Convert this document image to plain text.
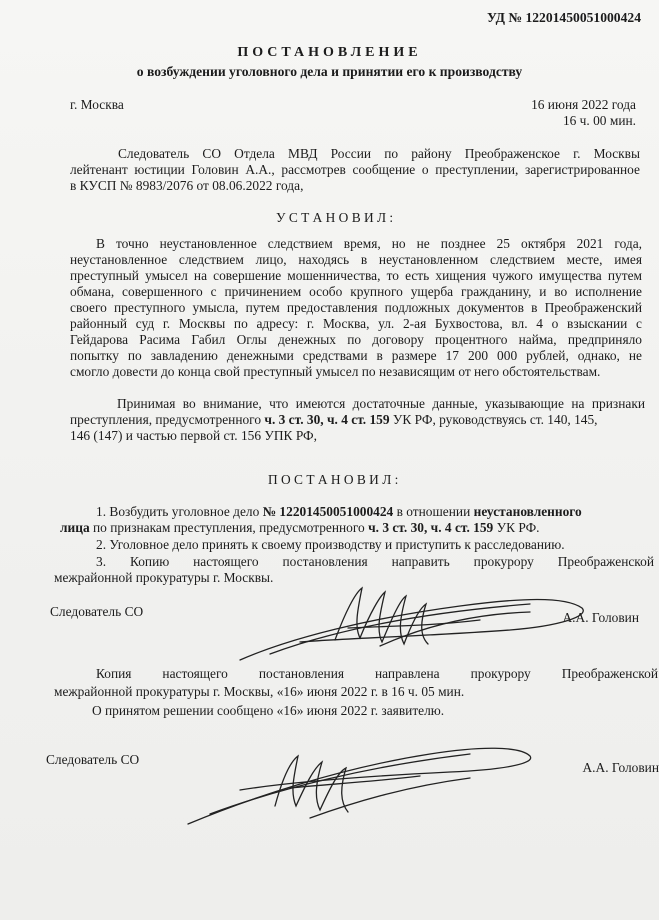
УД № 12201450051000424
ПОСТАНОВЛЕНИЕ
о возбуждении уголовного дела и принятии его к производству
г. Москва	16 июня 2022 года
16 ч. 00 мин.
Следователь СО Отдела МВД России по району Преображенское г. Москвы
лейтенант юстиции Головин А.А., рассмотрев сообщение о преступлении, зарегистрированное
в КУСП № 8983/2076 от 08.06.2022 года,
У С Т А Н О В И Л :
В точно неустановленное следствием время, но не позднее 25 октября 2021 года,
неустановленное следствием лицо, находясь в неустановленном следствием месте, имея
преступный умысел на совершение мошенничества, то есть хищения чужого имущества путем
обмана, совершенного с причинением особо крупного ущерба гражданину, и во исполнение
своего преступного умысла, путем предоставления подложных документов в Преображенский
районный суд г. Москвы по адресу: г. Москва, ул. 2-ая Бухвостова, вл. 4 о взыскании с
Гейдарова Расима Габил Оглы денежных по договору процентного найма, предприняло
попытку по завладению денежными средствами в размере 17 200 000 рублей, однако, не
смогло довести до конца свой преступный умысел по независящим от него обстоятельствам.
Принимая во внимание, что имеются достаточные данные, указывающие на признаки
преступления, предусмотренного ч. 3 ст. 30, ч. 4 ст. 159 УК РФ, руководствуясь ст. 140, 145,
146 (147) и частью первой ст. 156 УПК РФ,
П О С Т А Н О В И Л :
1. Возбудить уголовное дело № 12201450051000424 в отношении неустановленного
лица по признакам преступления, предусмотренного ч. 3 ст. 30, ч. 4 ст. 159 УК РФ.
2. Уголовное дело принять к своему производству и приступить к расследованию.
3. Копию настоящего постановления направить прокурору Преображенской
межрайонной прокуратуры г. Москвы.
Следователь СО	А.А. Головин
Копия настоящего постановления направлена прокурору Преображенской
межрайонной прокуратуры г. Москвы, «16» июня 2022 г. в 16 ч. 05 мин.
О принятом решении сообщено «16» июня 2022 г. заявителю.
Следователь СО
А.А. Головин
